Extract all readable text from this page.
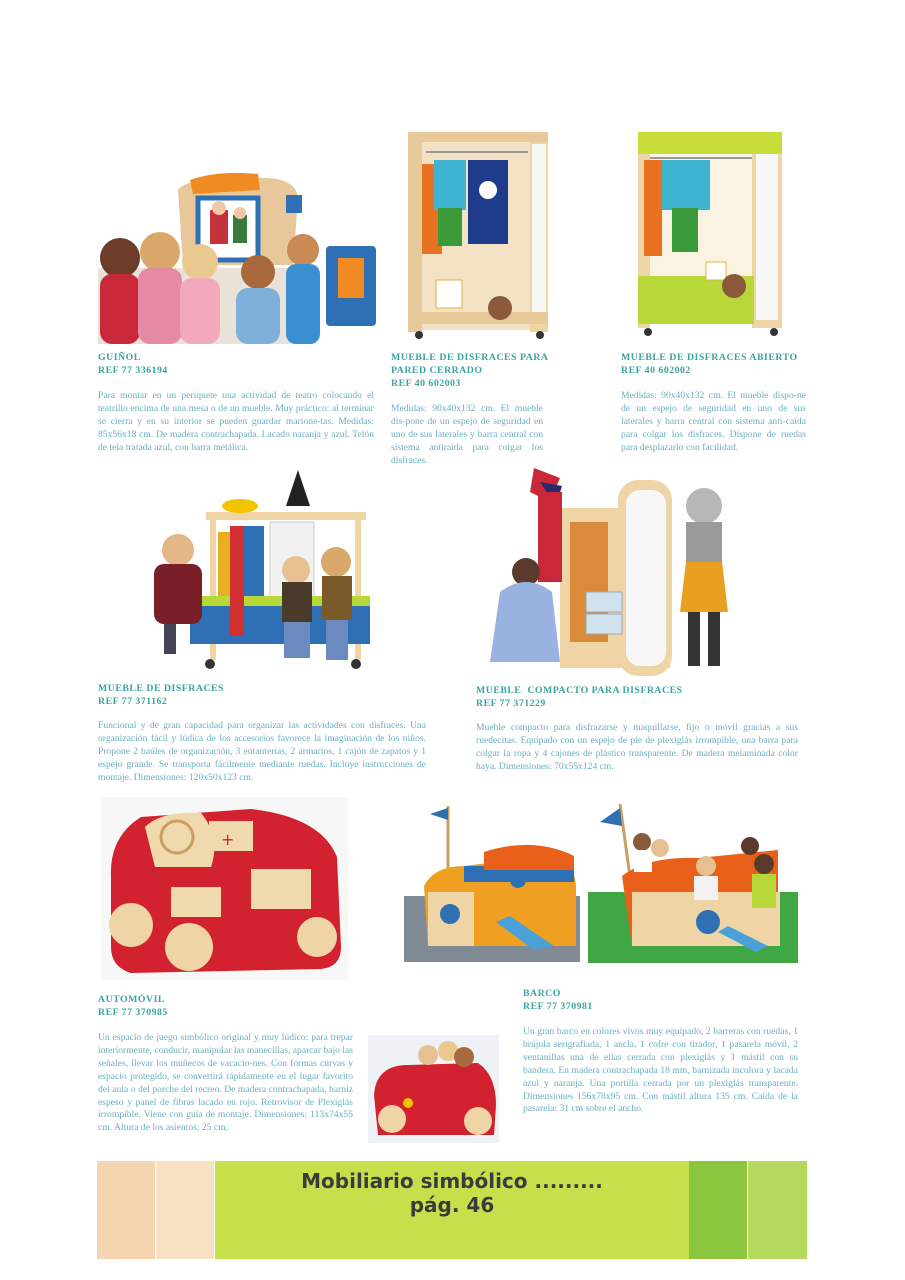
GUIÑOL
REF 77 336194

Para montar en un periquete una actividad de teatro colocando el teatrillo encima de una mesa o de un mueble. Muy práctico: al terminar se cierra y en su interior se pueden guardar marione-tas. Medidas: 85x56x18 cm. De madera contrachapada. Lacado naranja y azul. Telón de tela tratada azul, con barra metálica.

MUEBLE DE DISFRACES PARA
PARED CERRADO
REF 40 602003

Medidas: 90x40x132 cm. El mueble dis-pone de un espejo de seguridad en uno de sus laterales y barra central con sistema antiraída para colgar los disfraces.

MUEBLE DE DISFRACES ABIERTO
REF 40 602002

Medidas: 90x40x132 cm. El mueble dispo-ne de un espejo de seguridad en uno de sus laterales y barra central con sistema anti-caída para colgar los disfraces. Dispone de ruedas para desplazarlo con facilidad.

MUEBLE DE DISFRACES
REF 77 371162

Funcional y de gran capacidad para organizar las actividades con disfraces. Una organización fácil y lúdica de los accesorios favorece la imaginación de los niños. Propone 2 baúles de organización, 3 entanterías, 2 armarios, 1 cajón de zapatos y 1 espejo grande. Se transporta fácilmente mediante ruedas. Incluye instrucciones de montaje. Dimensiones: 120x50x123 cm.

MUEBLE  COMPACTO PARA DISFRACES
REF 77 371229

Mueble compacto para disfrazarse y maquillarse, fijo o móvil gracias a sus ruedecitas. Equipado con un espejo de pie de plexiglás irrompible, una barra para colgar la ropa y 4 cajones de plástico transparente. De madera melaminada color haya. Dimensiones: 70x55x124 cm.

+
AUTOMÓVIL
REF 77 370985

Un espacio de juego simbólico original y muy lúdico: para trepar interiormente, conducir, manipular las manecillas, aparcar bajo las señales, llevar los muñecos de vacacio-nes. Con formas curvas y espacio protegido, se convertirá rápidamente en el lugar favorito del aula o del porche del recreo. De madera contrachapada, barniz espeso y panel de fibras lacado en rojo. Retrovisor de Plexiglás irrompible. Viene con guía de montaje. Dimensiones: 113x74x55 cm. Altura de los asientos: 25 cm.

BARCO
REF 77 370981

Un gran barco en colores vivos muy equipado, 2 barreras con ruedas, 1 brújula serigrafiada, 1 ancla, 1 cofre con tirador, 1 pasarela móvil, 2 ventanillas una de ellas cerrada con plexiglás y 1 mástil con su bandera. En madera contrachapada 18 mm, barnizada incolora y lacada azul y naranja. Una portilla cerrada por un plexiglás transparente. Dimensiones 156x78x95 cm. Con mástil altura 135 cm. Caída de la pasarela: 31 cm sobre el ancho.

Mobiliario simbólico ......... pág. 46
